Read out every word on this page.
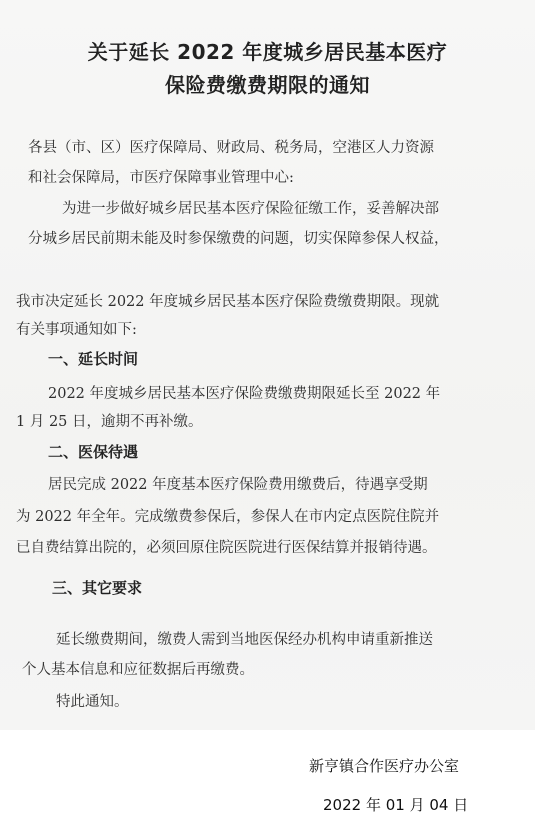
关于延长 2022 年度城乡居民基本医疗
保险费缴费期限的通知
各县（市、区）医疗保障局、财政局、税务局，空港区人力资源
和社会保障局，市医疗保障事业管理中心:
为进一步做好城乡居民基本医疗保险征缴工作，妥善解决部
分城乡居民前期未能及时参保缴费的问题，切实保障参保人权益，
我市决定延长 2022 年度城乡居民基本医疗保险费缴费期限。现就
有关事项通知如下:
一、延长时间
2022 年度城乡居民基本医疗保险费缴费期限延长至 2022 年
1 月 25 日，逾期不再补缴。
二、医保待遇
居民完成 2022 年度基本医疗保险费用缴费后，待遇享受期
为 2022 年全年。完成缴费参保后，参保人在市内定点医院住院并
已自费结算出院的，必须回原住院医院进行医保结算并报销待遇。
三、其它要求
延长缴费期间，缴费人需到当地医保经办机构申请重新推送
个人基本信息和应征数据后再缴费。
特此通知。
新亨镇合作医疗办公室
2022 年 01 月 04 日
